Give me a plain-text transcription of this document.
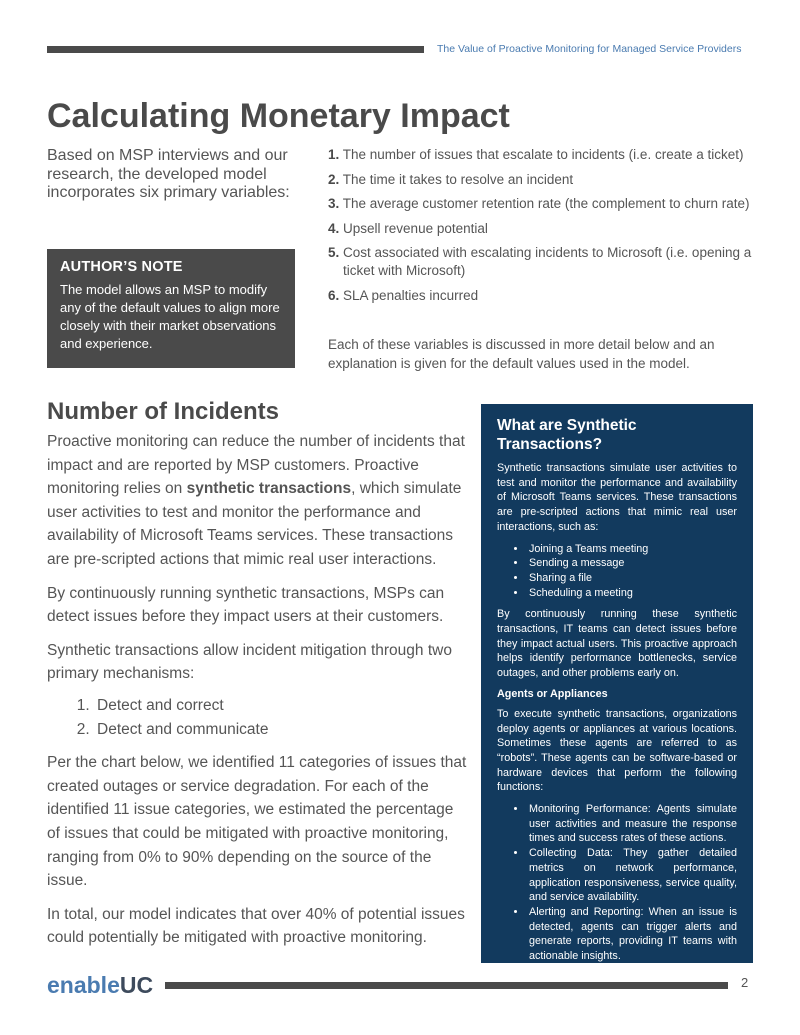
The Value of Proactive Monitoring for Managed Service Providers
Calculating Monetary Impact

Based on MSP interviews and our research, the developed model incorporates six primary variables:

AUTHOR’S NOTE

The model allows an MSP to modify any of the default values to align more closely with their market observations and experience.

1. The number of issues that escalate to incidents (i.e. create a ticket)
2. The time it takes to resolve an incident
3. The average customer retention rate (the complement to churn rate)
4. Upsell revenue potential
5. Cost associated with escalating incidents to Microsoft (i.e. opening a ticket with Microsoft)
6. SLA penalties incurred

Each of these variables is discussed in more detail below and an explanation is given for the default values used in the model.

Number of Incidents

Proactive monitoring can reduce the number of incidents that impact and are reported by MSP customers. Proactive monitoring relies on synthetic transactions, which simulate user activities to test and monitor the performance and availability of Microsoft Teams services. These transactions are pre-scripted actions that mimic real user interactions.

By continuously running synthetic transactions, MSPs can detect issues before they impact users at their customers.

Synthetic transactions allow incident mitigation through two primary mechanisms:

1. Detect and correct
2. Detect and communicate

Per the chart below, we identified 11 categories of issues that created outages or service degradation. For each of the identified 11 issue categories, we estimated the percentage of issues that could be mitigated with proactive monitoring, ranging from 0% to 90% depending on the source of the issue.

In total, our model indicates that over 40% of potential issues could potentially be mitigated with proactive monitoring.

What are Synthetic Transactions?

Synthetic transactions simulate user activities to test and monitor the performance and availability of Microsoft Teams services. These transactions are pre-scripted actions that mimic real user interactions, such as:

• Joining a Teams meeting
• Sending a message
• Sharing a file
• Scheduling a meeting

By continuously running these synthetic transactions, IT teams can detect issues before they impact actual users. This proactive approach helps identify performance bottlenecks, service outages, and other problems early on.

Agents or Appliances

To execute synthetic transactions, organizations deploy agents or appliances at various locations. Sometimes these agents are referred to as “robots”. These agents can be software-based or hardware devices that perform the following functions:

• Monitoring Performance: Agents simulate user activities and measure the response times and success rates of these actions.
• Collecting Data: They gather detailed metrics on network performance, application responsiveness, service quality, and service availability.
• Alerting and Reporting: When an issue is detected, agents can trigger alerts and generate reports, providing IT teams with actionable insights.
enableUC	2
